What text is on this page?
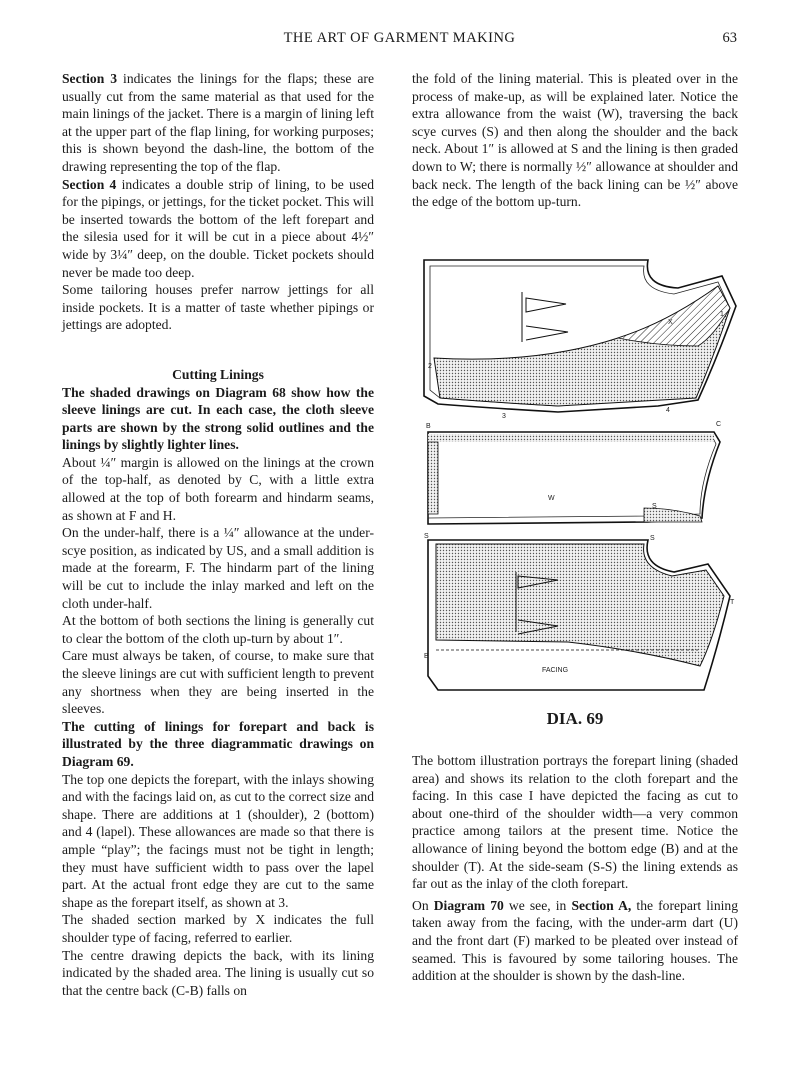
THE ART OF GARMENT MAKING	63

Section 3 indicates the linings for the flaps; these are usually cut from the same material as that used for the main linings of the jacket. There is a margin of lining left at the upper part of the flap lining, for working purposes; this is shown beyond the dash-line, the bottom of the drawing representing the top of the flap.

Section 4 indicates a double strip of lining, to be used for the pipings, or jettings, for the ticket pocket. This will be inserted towards the bottom of the left forepart and the silesia used for it will be cut in a piece about 4½″ wide by 3¼″ deep, on the double. Ticket pockets should never be made too deep.

Some tailoring houses prefer narrow jettings for all inside pockets. It is a matter of taste whether pipings or jettings are adopted.

Cutting Linings

The shaded drawings on Diagram 68 show how the sleeve linings are cut. In each case, the cloth sleeve parts are shown by the strong solid outlines and the linings by slightly lighter lines.

About ¼″ margin is allowed on the linings at the crown of the top-half, as denoted by C, with a little extra allowed at the top of both forearm and hindarm seams, as shown at F and H.

On the under-half, there is a ¼″ allowance at the under-scye position, as indicated by US, and a small addition is made at the forearm, F. The hindarm part of the lining will be cut to include the inlay marked and left on the cloth under-half.

At the bottom of both sections the lining is generally cut to clear the bottom of the cloth up-turn by about 1″.

Care must always be taken, of course, to make sure that the sleeve linings are cut with sufficient length to prevent any shortness when they are being inserted in the sleeves.

The cutting of linings for forepart and back is illustrated by the three diagrammatic drawings on Diagram 69.

The top one depicts the forepart, with the inlays showing and with the facings laid on, as cut to the correct size and shape. There are additions at 1 (shoulder), 2 (bottom) and 4 (lapel). These allowances are made so that there is ample “play”; the facings must not be tight in length; they must have sufficient width to pass over the lapel part. At the actual front edge they are cut to the same shape as the forepart itself, as shown at 3.

The shaded section marked by X indicates the full shoulder type of facing, referred to earlier.

The centre drawing depicts the back, with its lining indicated by the shaded area. The lining is usually cut so that the centre back (C-B) falls on

the fold of the lining material. This is pleated over in the process of make-up, as will be explained later. Notice the extra allowance from the waist (W), traversing the back scye curves (S) and then along the shoulder and the back neck. About 1″ is allowed at S and the lining is then graded down to W; there is normally ½″ allowance at shoulder and back neck. The length of the back lining can be ½″ above the edge of the bottom up-turn.

X
1
2
3
4
B	C
W
S
S	S
T
B
FACING
DIA. 69

The bottom illustration portrays the forepart lining (shaded area) and shows its relation to the cloth forepart and the facing. In this case I have depicted the facing as cut to about one-third of the shoulder width—a very common practice among tailors at the present time. Notice the allowance of lining beyond the bottom edge (B) and at the shoulder (T). At the side-seam (S-S) the lining extends as far out as the inlay of the cloth forepart.

On Diagram 70 we see, in Section A, the forepart lining taken away from the facing, with the under-arm dart (U) and the front dart (F) marked to be pleated over instead of seamed. This is favoured by some tailoring houses. The addition at the shoulder is shown by the dash-line.
